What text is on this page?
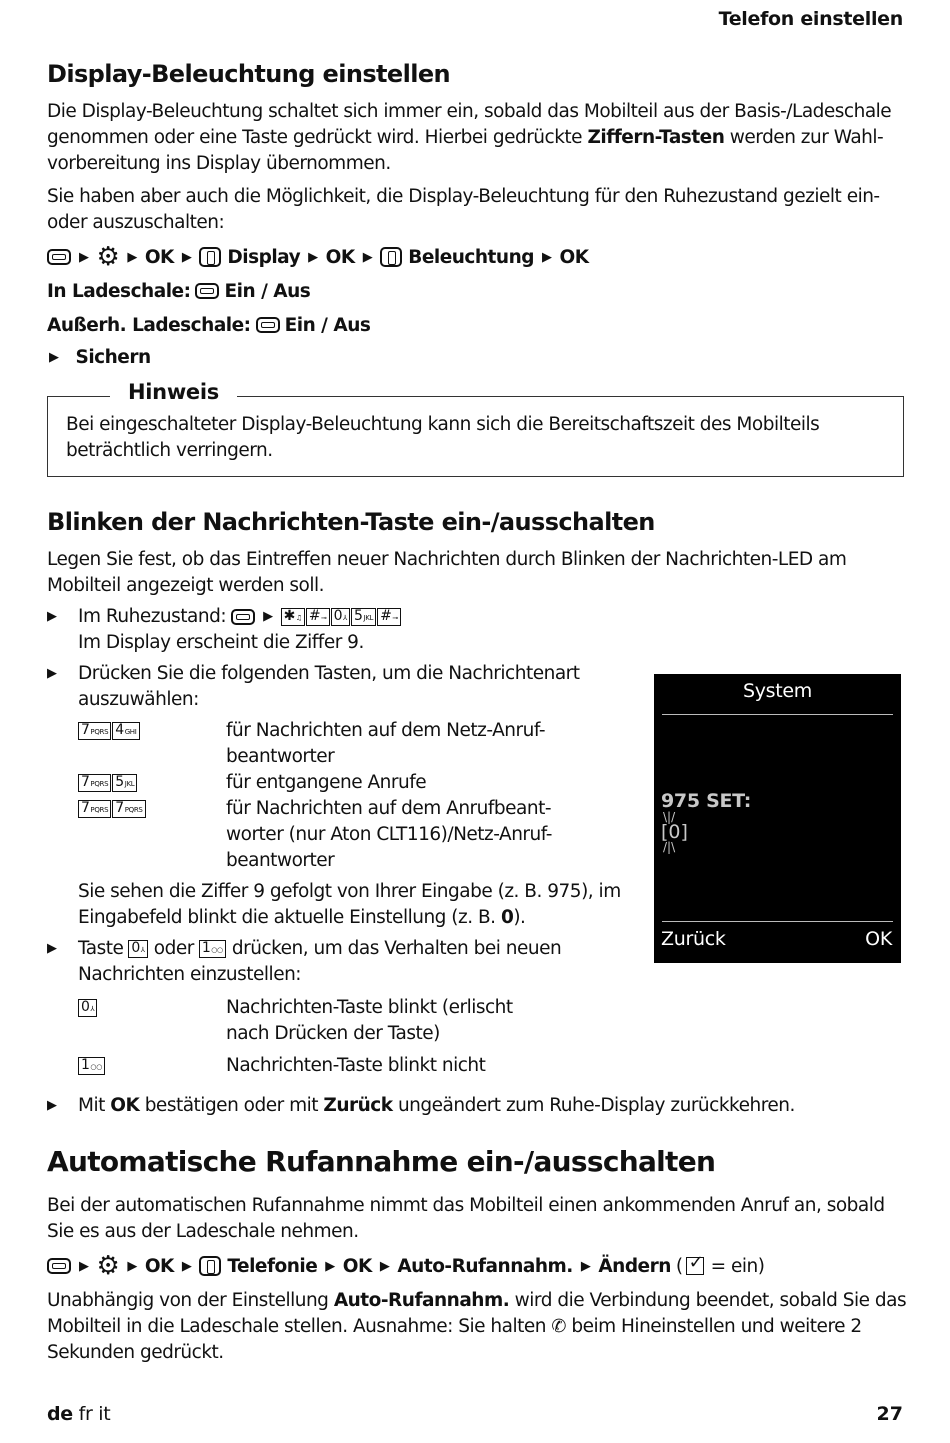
Telefon einstellen
Display-Beleuchtung einstellen

Die Display-Beleuchtung schaltet sich immer ein, sobald das Mobilteil aus der Basis-/Ladeschale genommen oder eine Taste gedrückt wird. Hierbei gedrückte Ziffern-Tasten werden zur Wahl-vorbereitung ins Display übernommen.

Sie haben aber auch die Möglichkeit, die Display-Beleuchtung für den Ruhezustand gezielt ein- oder auszuschalten:

▶ ⚙ ▶ OK ▶ Display ▶ OK ▶ Beleuchtung ▶ OK
In Ladeschale: Ein / Aus
Außerh. Ladeschale: Ein / Aus
▶ Sichern
Hinweis

Bei eingeschalteter Display-Beleuchtung kann sich die Bereitschaftszeit des Mobilteils beträchtlich verringern.

Blinken der Nachrichten-Taste ein-/ausschalten

Legen Sie fest, ob das Eintreffen neuer Nachrichten durch Blinken der Nachrichten-LED am Mobilteil angezeigt werden soll.

▶	Im Ruhezustand:	▶ ✱♫ #⊸ 0⅄ 5JKL #⊸

Im Display erscheint die Ziffer 9.

▶	Drücken Sie die folgenden Tasten, um die Nachrichtenart

auszuwählen:

7PQRS 4GHI	für Nachrichten auf dem Netz-Anruf-
beantworter
7PQRS 5JKL	für entgangene Anrufe
7PQRS 7PQRS	für Nachrichten auf dem Anrufbeant-
worter (nur Aton CLT116)/Netz-Anruf-
beantworter

Sie sehen die Ziffer 9 gefolgt von Ihrer Eingabe (z. B. 975), im

Eingabefeld blinkt die aktuelle Einstellung (z. B. 0).

▶	Taste 0⅄ oder 1○○ drücken, um das Verhalten bei neuen

Nachrichten einzustellen:

0⅄	Nachrichten-Taste blinkt (erlischt
nach Drücken der Taste)
1○○	Nachrichten-Taste blinkt nicht
▶	Mit OK bestätigen oder mit Zurück ungeändert zum Ruhe-Display zurückkehren.

System
975 SET:
\|/
[0]
/|\
Zurück	OK
Automatische Rufannahme ein-/ausschalten

Bei der automatischen Rufannahme nimmt das Mobilteil einen ankommenden Anruf an, sobald Sie es aus der Ladeschale nehmen.

▶ ⚙ ▶ OK ▶ Telefonie ▶ OK ▶ Auto-Rufannahm. ▶ Ändern (
✓ = ein)

Unabhängig von der Einstellung Auto-Rufannahm. wird die Verbindung beendet, sobald Sie das Mobilteil in die Ladeschale stellen. Ausnahme: Sie halten ✆ beim Hineinstellen und weitere 2 Sekunden gedrückt.

de fr it	27
